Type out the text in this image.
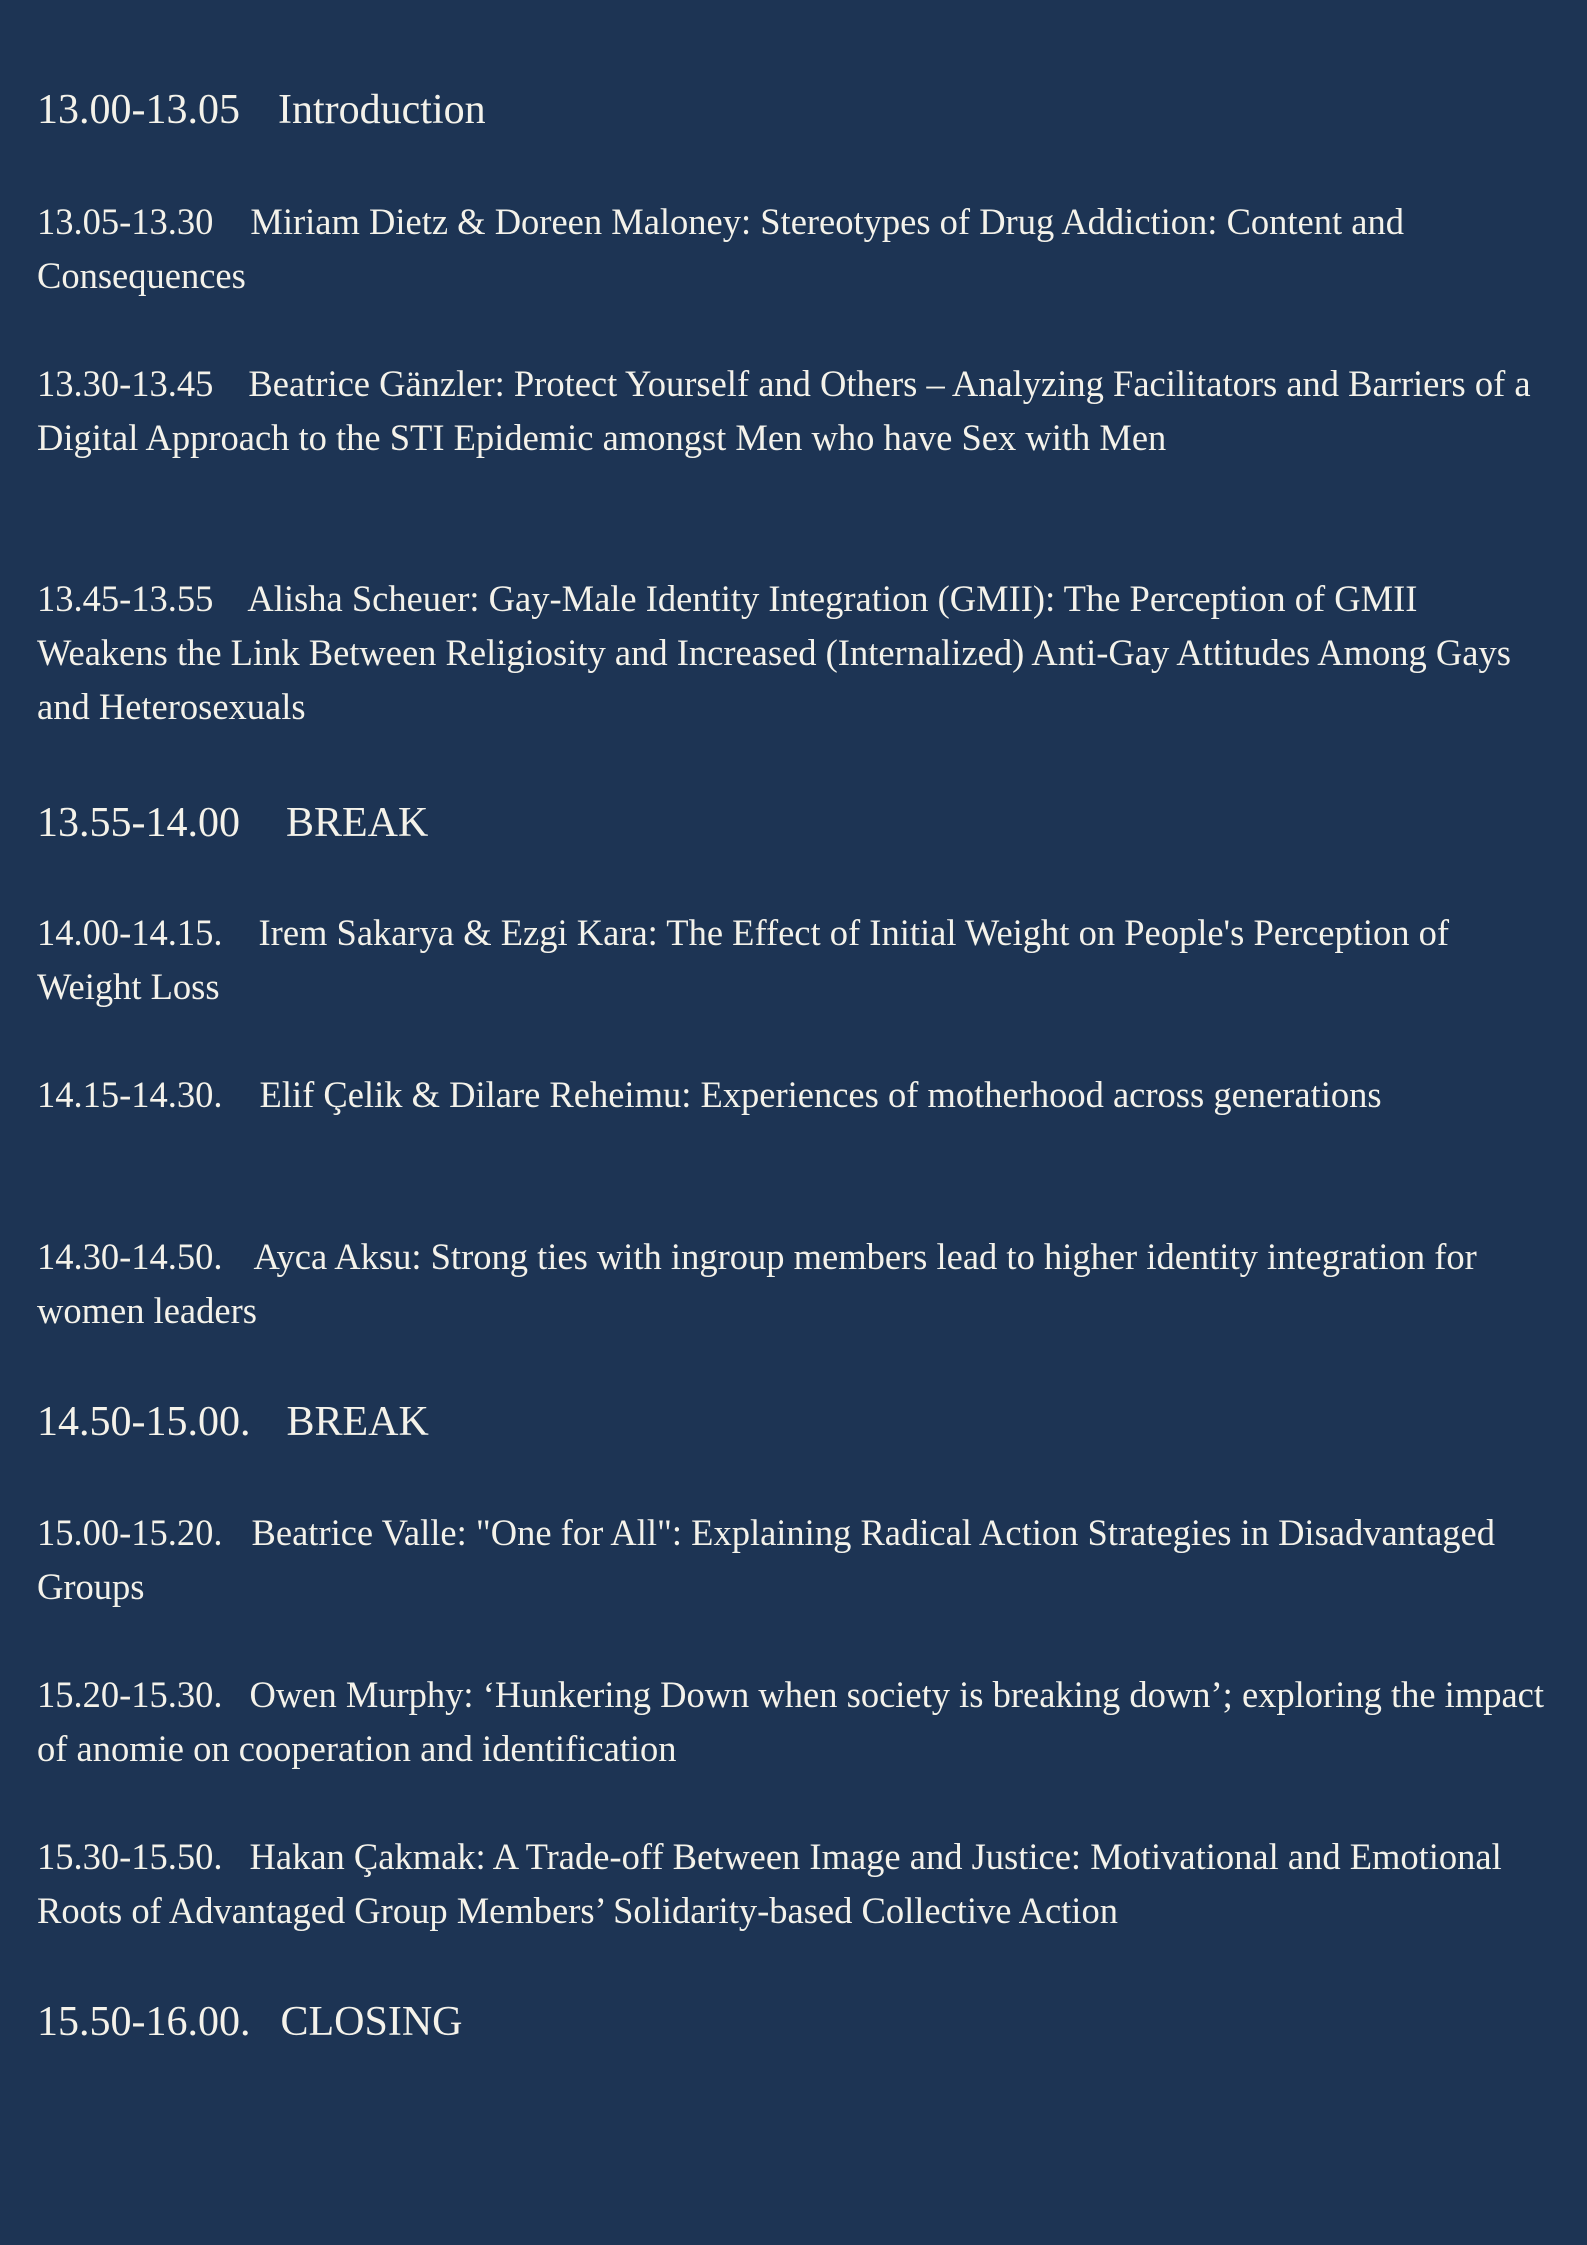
13.00-13.05 Introduction
13.05-13.30 Miriam Dietz & Doreen Maloney: Stereotypes of Drug Addiction: Content and Consequences
13.30-13.45 Beatrice Gänzler: Protect Yourself and Others – Analyzing Facilitators and Barriers of a Digital Approach to the STI Epidemic amongst Men who have Sex with Men
13.45-13.55 Alisha Scheuer: Gay-Male Identity Integration (GMII): The Perception of GMII Weakens the Link Between Religiosity and Increased (Internalized) Anti-Gay Attitudes Among Gays and Heterosexuals
13.55-14.00 BREAK
14.00-14.15. Irem Sakarya & Ezgi Kara: The Effect of Initial Weight on People's Perception of Weight Loss
14.15-14.30. Elif Çelik & Dilare Reheimu: Experiences of motherhood across generations
14.30-14.50. Ayca Aksu: Strong ties with ingroup members lead to higher identity integration for women leaders
14.50-15.00. BREAK
15.00-15.20. Beatrice Valle: "One for All": Explaining Radical Action Strategies in Disadvantaged Groups
15.20-15.30. Owen Murphy: ‘Hunkering Down when society is breaking down’; exploring the impact of anomie on cooperation and identification
15.30-15.50. Hakan Çakmak: A Trade-off Between Image and Justice: Motivational and Emotional Roots of Advantaged Group Members’ Solidarity-based Collective Action
15.50-16.00. CLOSING
